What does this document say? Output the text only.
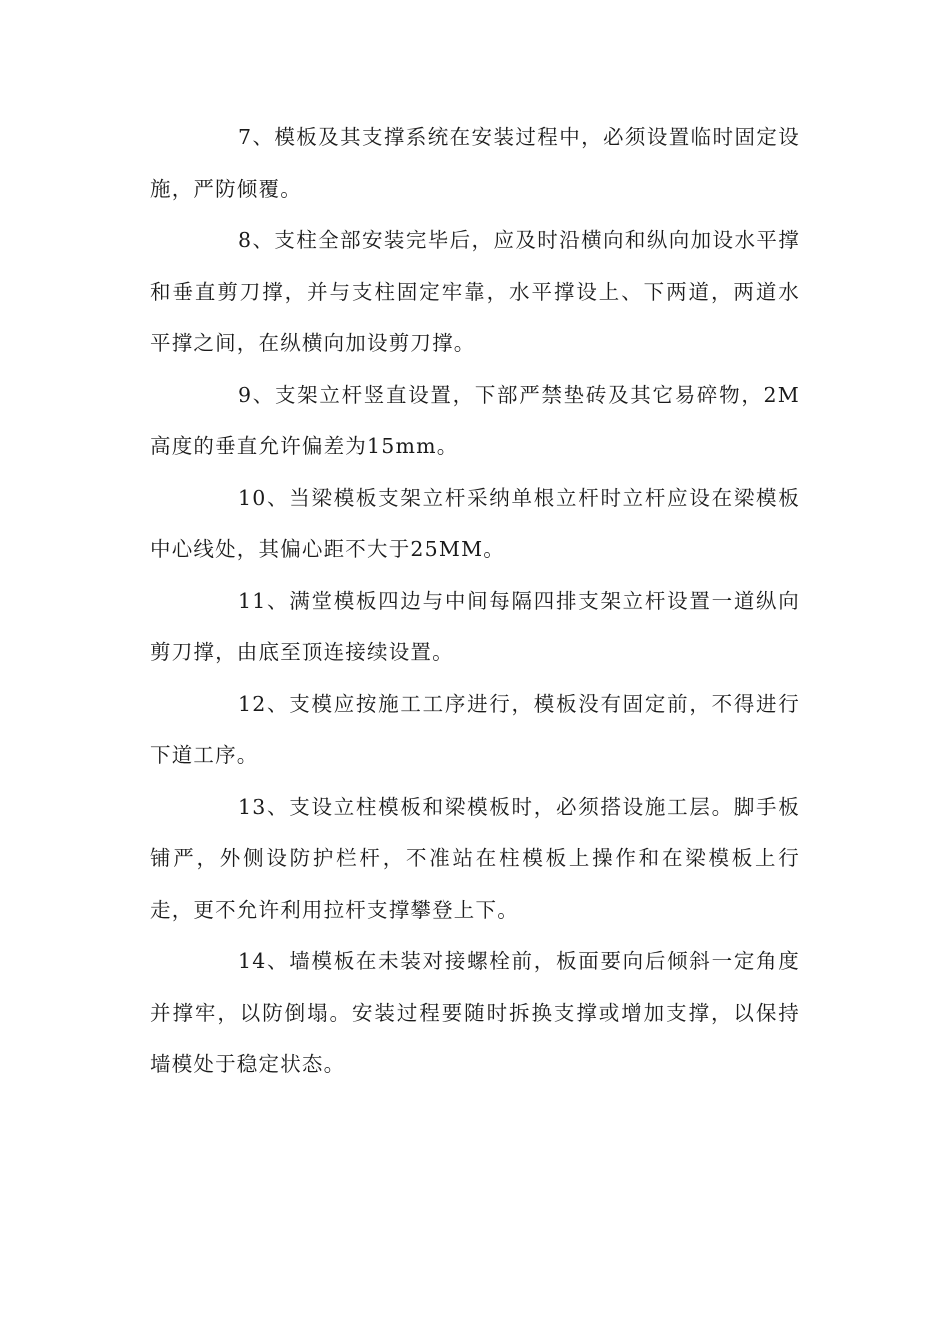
7、模板及其支撑系统在安装过程中，必须设置临时固定设施，严防倾覆。

8、支柱全部安装完毕后，应及时沿横向和纵向加设水平撑和垂直剪刀撑，并与支柱固定牢靠，水平撑设上、下两道，两道水平撑之间，在纵横向加设剪刀撑。

9、支架立杆竖直设置，下部严禁垫砖及其它易碎物，2M高度的垂直允许偏差为15mm。

10、当梁模板支架立杆采纳单根立杆时立杆应设在梁模板中心线处，其偏心距不大于25MM。

11、满堂模板四边与中间每隔四排支架立杆设置一道纵向剪刀撑，由底至顶连接续设置。

12、支模应按施工工序进行，模板没有固定前，不得进行下道工序。

13、支设立柱模板和梁模板时，必须搭设施工层。脚手板铺严，外侧设防护栏杆，不准站在柱模板上操作和在梁模板上行走，更不允许利用拉杆支撑攀登上下。

14、墙模板在未装对接螺栓前，板面要向后倾斜一定角度并撑牢，以防倒塌。安装过程要随时拆换支撑或增加支撑，以保持墙模处于稳定状态。
